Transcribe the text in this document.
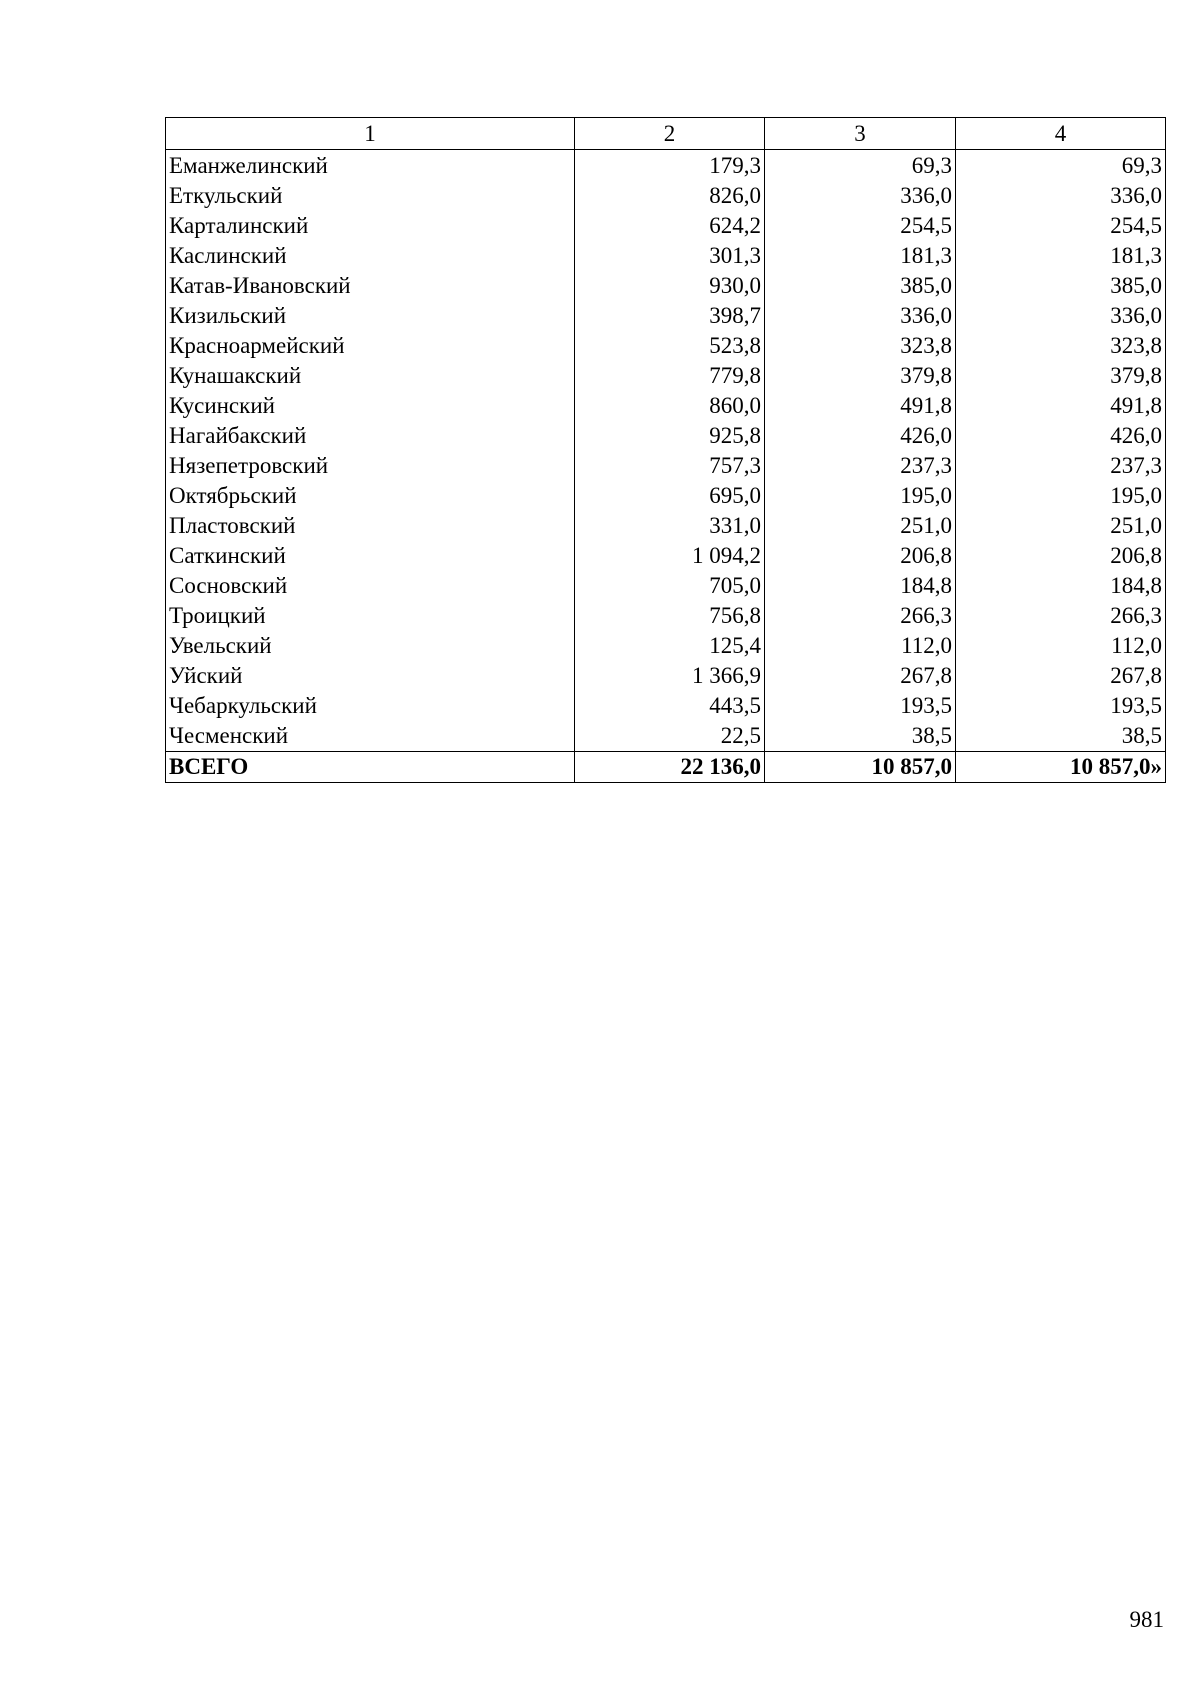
1	2	3	4
Еманжелинский	179,3	69,3	69,3
Еткульский	826,0	336,0	336,0
Карталинский	624,2	254,5	254,5
Каслинский	301,3	181,3	181,3
Катав-Ивановский	930,0	385,0	385,0
Кизильский	398,7	336,0	336,0
Красноармейский	523,8	323,8	323,8
Кунашакский	779,8	379,8	379,8
Кусинский	860,0	491,8	491,8
Нагайбакский	925,8	426,0	426,0
Нязепетровский	757,3	237,3	237,3
Октябрьский	695,0	195,0	195,0
Пластовский	331,0	251,0	251,0
Саткинский	1 094,2	206,8	206,8
Сосновский	705,0	184,8	184,8
Троицкий	756,8	266,3	266,3
Увельский	125,4	112,0	112,0
Уйский	1 366,9	267,8	267,8
Чебаркульский	443,5	193,5	193,5
Чесменский	22,5	38,5	38,5
ВСЕГО	22 136,0	10 857,0	10 857,0»
981
